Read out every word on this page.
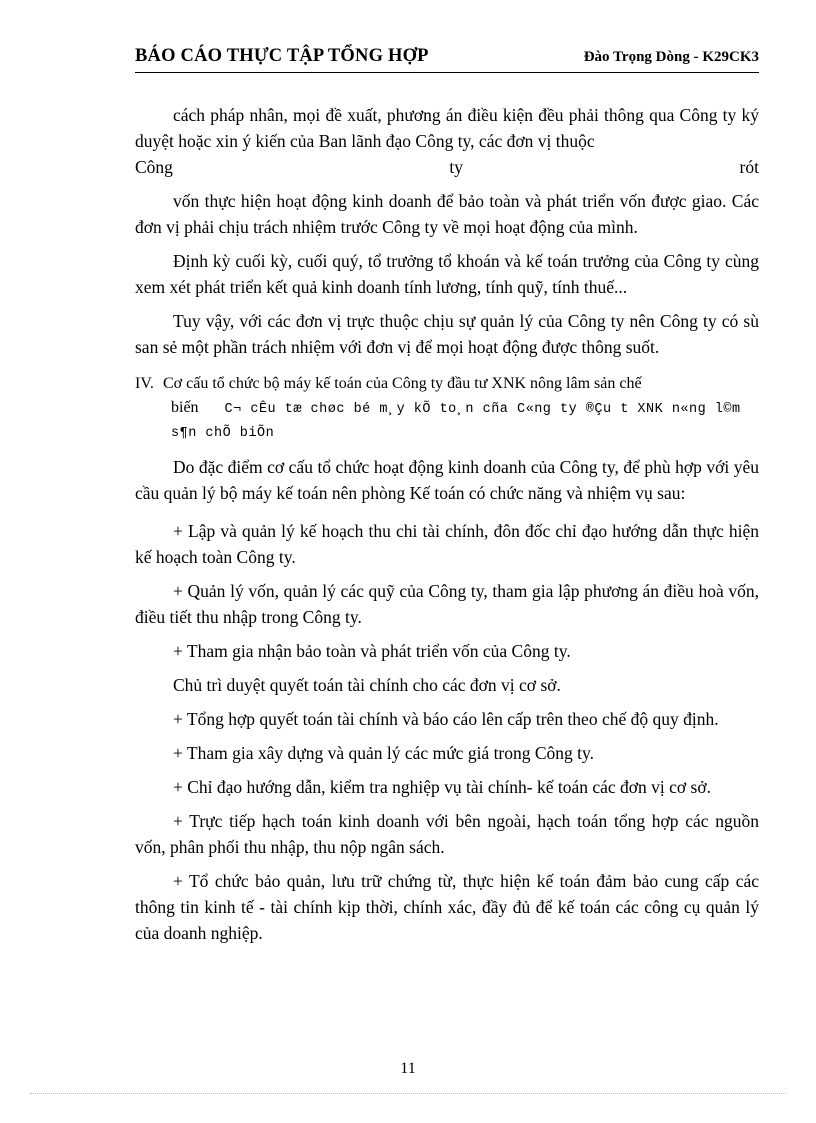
BÁO CÁO THỰC TẬP TỔNG HỢP	Đào Trọng Dòng - K29CK3

cách pháp nhân, mọi đề xuất, phương án điều kiện đều phải thông qua Công ty ký duyệt hoặc xin ý kiến của Ban lãnh đạo Công ty, các đơn vị thuộc

Công	ty	rót

vốn thực hiện hoạt động kinh doanh để bảo toàn và phát triển vốn được giao. Các đơn vị phải chịu trách nhiệm trước Công ty về mọi hoạt động của mình.

Định kỳ cuối kỳ, cuối quý, tổ trưởng tổ khoán và kế toán trưởng của Công ty cùng xem xét phát triển kết quả kinh doanh tính lương, tính quỹ, tính thuế...

Tuy vậy, với các đơn vị trực thuộc chịu sự quản lý của Công ty nên Công ty có sù san sẻ một phần trách nhiệm với đơn vị để mọi hoạt động được thông suốt.

IV. Cơ cấu tổ chức bộ máy kế toán của Công ty đầu tư XNK nông lâm sản chế
biến C¬ cÊu tæ chøc bé m¸y kÕ to¸n cña C«ng ty ®Çu t XNK n«ng l©m
s¶n chÕ biÕn

Do đặc điểm cơ cấu tổ chức hoạt động kinh doanh của Công ty, để phù hợp với yêu cầu quản lý bộ máy kế toán nên phòng Kế toán có chức năng và nhiệm vụ sau:

+ Lập và quản lý kế hoạch thu chi tài chính, đôn đốc chỉ đạo hướng dẫn thực hiện kế hoạch toàn Công ty.

+ Quản lý vốn, quản lý các quỹ của Công ty, tham gia lập phương án điều hoà vốn, điều tiết thu nhập trong Công ty.

+ Tham gia nhận bảo toàn và phát triển vốn của Công ty.

Chủ trì duyệt quyết toán tài chính cho các đơn vị cơ sở.

+ Tổng hợp quyết toán tài chính và báo cáo lên cấp trên theo chế độ quy định.

+ Tham gia xây dựng và quản lý các mức giá trong Công ty.

+ Chỉ đạo hướng dẫn, kiểm tra nghiệp vụ tài chính- kế toán các đơn vị cơ sở.

+ Trực tiếp hạch toán kinh doanh với bên ngoài, hạch toán tổng hợp các nguồn vốn, phân phối thu nhập, thu nộp ngân sách.

+ Tổ chức bảo quản, lưu trữ chứng từ, thực hiện kế toán đảm bảo cung cấp các thông tin kinh tế - tài chính kịp thời, chính xác, đầy đủ để kế toán các công cụ quản lý của doanh nghiệp.

11
